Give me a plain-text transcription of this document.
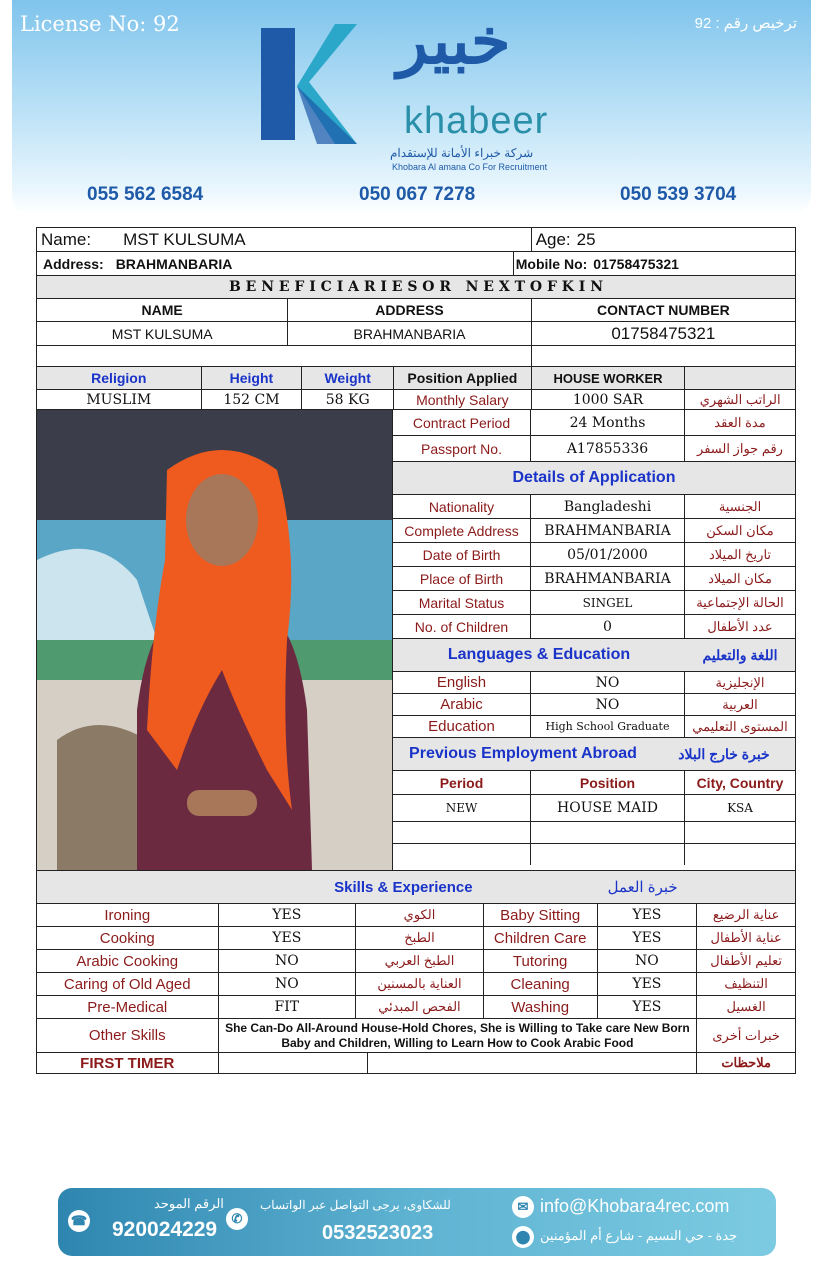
License No: 92	ترخيص رقم : 92
خبير
khabeer
شركة خبراء الأمانة للإستقدام
Khobara Al amana Co For Recruitment
055 562 6584	050 067 7278	050 539 3704
Name: MST KULSUMA	Age: 25
Address: BRAHMANBARIA	Mobile No: 01758475321
B E N E F I C I A R I E S O R   N E X T O F K I N
NAME	ADDRESS	CONTACT NUMBER
MST KULSUMA	BRAHMANBARIA	01758475321
Religion	Height	Weight	Position Applied	HOUSE WORKER
MUSLIM	152 CM	58 KG	Monthly Salary	1000 SAR	الراتب الشهري
Contract Period	24 Months	مدة العقد
Passport No.	A17855336	رقم جواز السفر
Details of Application
Nationality	Bangladeshi	الجنسية
Complete Address	BRAHMANBARIA	مكان السكن
Date of Birth	05/01/2000	تاريخ الميلاد
Place of Birth	BRAHMANBARIA	مكان الميلاد
Marital Status	SINGEL	الحالة الإجتماعية
No. of Children	0	عدد الأطفال
Languages & Education	اللغة والتعليم
English	NO	الإنجليزية
Arabic	NO	العربية
Education	High School Graduate	المستوى التعليمي
Previous Employment Abroad	خبرة خارج البلاد
Period	Position	City, Country
NEW	HOUSE MAID	KSA
Skills & Experience	خبرة العمل
Ironing	YES	الكوي	Baby Sitting	YES	عناية الرضيع
Cooking	YES	الطبخ	Children Care	YES	عناية الأطفال
Arabic Cooking	NO	الطبخ العربي	Tutoring	NO	تعليم الأطفال
Caring of Old Aged	NO	العناية بالمسنين	Cleaning	YES	التنظيف
Pre-Medical	FIT	الفحص المبدئي	Washing	YES	الغسيل
Other Skills	She Can-Do All-Around House-Hold Chores, She is Willing to Take care New Born Baby and Children, Willing to Learn How to Cook Arabic Food	خبرات أخرى
FIRST TIMER	ملاحظات
☎
الرقم الموحد
920024229	✆
للشكاوى، يرجى التواصل عبر الواتساب
0532523023
✉ info@Khobara4rec.com
⬤ جدة - حي النسيم - شارع أم المؤمنين
